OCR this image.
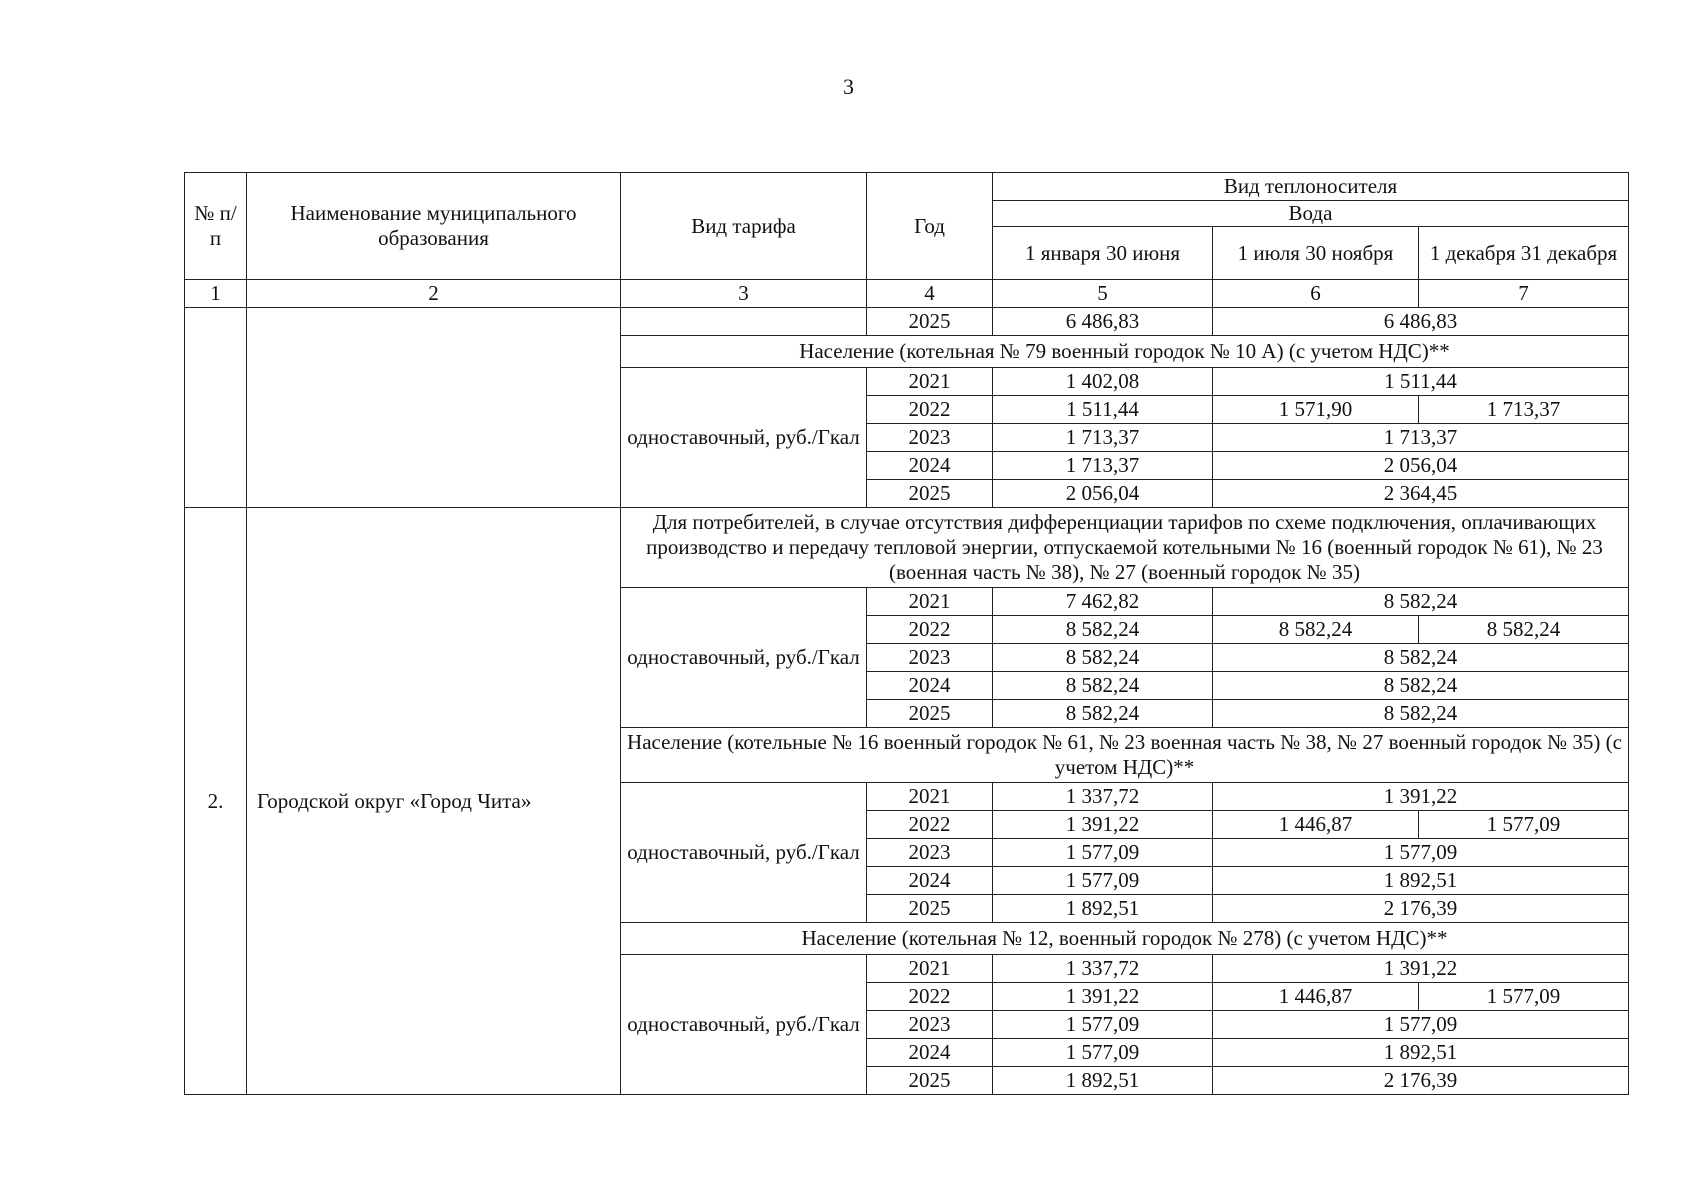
3
№ п/п	Наименование муниципального образования	Вид тарифа	Год	Вид теплоносителя		
				Вода		
				1 января 30 июня	1 июля 30 ноября	1 декабря 31 декабря
1	2	3	4	5	6	7
			2025	6 486,83	6 486,83	
		Население (котельная № 79 военный городок № 10 А) (с учетом НДС)**				
		одноставочный, руб./Гкал	2021	1 402,08	1 511,44	
			2022	1 511,44	1 571,90	1 713,37
			2023	1 713,37	1 713,37	
			2024	1 713,37	2 056,04	
			2025	2 056,04	2 364,45	
2.	Городской округ «Город Чита»	Для потребителей, в случае отсутствия дифференциации тарифов по схеме подключения, оплачивающих производство и передачу тепловой энергии, отпускаемой котельными № 16 (военный городок № 61), № 23 (военная часть № 38), № 27 (военный городок № 35)				
		одноставочный, руб./Гкал	2021	7 462,82	8 582,24	
			2022	8 582,24	8 582,24	8 582,24
			2023	8 582,24	8 582,24	
			2024	8 582,24	8 582,24	
			2025	8 582,24	8 582,24	
		Население (котельные № 16 военный городок № 61, № 23 военная часть № 38, № 27 военный городок № 35) (с учетом НДС)**				
		одноставочный, руб./Гкал	2021	1 337,72	1 391,22	
			2022	1 391,22	1 446,87	1 577,09
			2023	1 577,09	1 577,09	
			2024	1 577,09	1 892,51	
			2025	1 892,51	2 176,39	
		Население (котельная № 12, военный городок № 278) (с учетом НДС)**				
		одноставочный, руб./Гкал	2021	1 337,72	1 391,22	
			2022	1 391,22	1 446,87	1 577,09
			2023	1 577,09	1 577,09	
			2024	1 577,09	1 892,51	
			2025	1 892,51	2 176,39	
